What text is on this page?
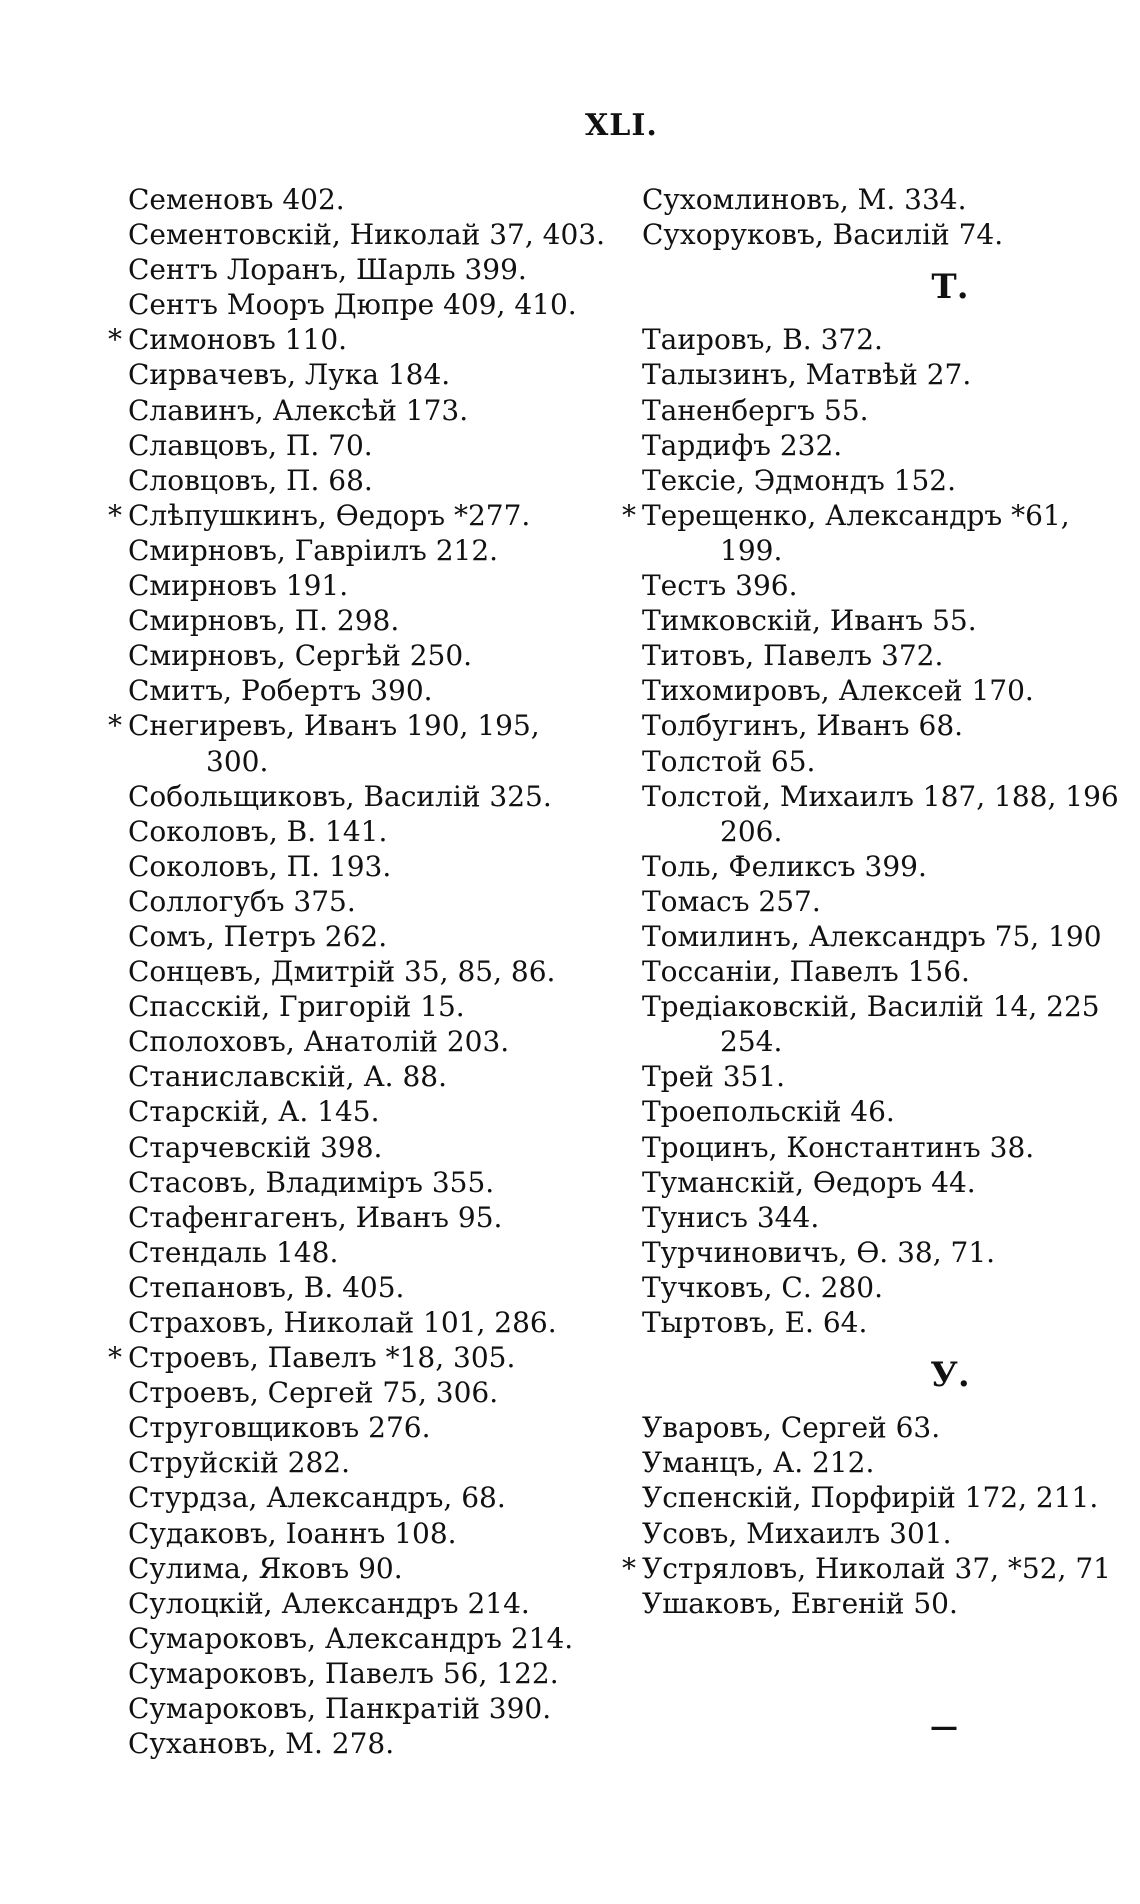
XLI.
Семеновъ 402.
Сементовскій, Николай 37, 403.
Сентъ Лоранъ, Шарль 399.
Сентъ Мооръ Дюпре 409, 410.
* Симоновъ 110.
Сирвачевъ, Лука 184.
Славинъ, Алексѣй 173.
Славцовъ, П. 70.
Словцовъ, П. 68.
* Слѣпушкинъ, Өедоръ *277.
Смирновъ, Гавріилъ 212.
Смирновъ 191.
Смирновъ, П. 298.
Смирновъ, Сергѣй 250.
Смитъ, Робертъ 390.
* Снегиревъ, Иванъ 190, 195,
300.
Собольщиковъ, Василій 325.
Соколовъ, В. 141.
Соколовъ, П. 193.
Соллогубъ 375.
Сомъ, Петръ 262.
Сонцевъ, Дмитрій 35, 85, 86.
Спасскій, Григорій 15.
Сполоховъ, Анатолій 203.
Станиславскій, А. 88.
Старскій, А. 145.
Старчевскій 398.
Стасовъ, Владиміръ 355.
Стафенгагенъ, Иванъ 95.
Стендаль 148.
Степановъ, В. 405.
Страховъ, Николай 101, 286.
* Строевъ, Павелъ *18, 305.
Строевъ, Сергей 75, 306.
Струговщиковъ 276.
Струйскій 282.
Стурдза, Александръ, 68.
Судаковъ, Іоаннъ 108.
Сулима, Яковъ 90.
Сулоцкій, Александръ 214.
Сумароковъ, Александръ 214.
Сумароковъ, Павелъ 56, 122.
Сумароковъ, Панкратій 390.
Сухановъ, М. 278.
Сухомлиновъ, М. 334.
Сухоруковъ, Василій 74.
Т.
Таировъ, В. 372.
Талызинъ, Матвѣй 27.
Таненбергъ 55.
Тардифъ 232.
Тексіе, Эдмондъ 152.
* Терещенко, Александръ *61,
199.
Тестъ 396.
Тимковскій, Иванъ 55.
Титовъ, Павелъ 372.
Тихомировъ, Алексей 170.
Толбугинъ, Иванъ 68.
Толстой 65.
Толстой, Михаилъ 187, 188, 196
206.
Толь, Феликсъ 399.
Томасъ 257.
Томилинъ, Александръ 75, 190
Тоссаніи, Павелъ 156.
Тредіаковскій, Василій 14, 225
254.
Трей 351.
Троепольскій 46.
Троцинъ, Константинъ 38.
Туманскій, Өедоръ 44.
Тунисъ 344.
Турчиновичъ, Ө. 38, 71.
Тучковъ, С. 280.
Тыртовъ, Е. 64.
У.
Уваровъ, Сергей 63.
Уманцъ, А. 212.
Успенскій, Порфирій 172, 211.
Усовъ, Михаилъ 301.
* Устряловъ, Николай 37, *52, 71
Ушаковъ, Евгеній 50.
—
